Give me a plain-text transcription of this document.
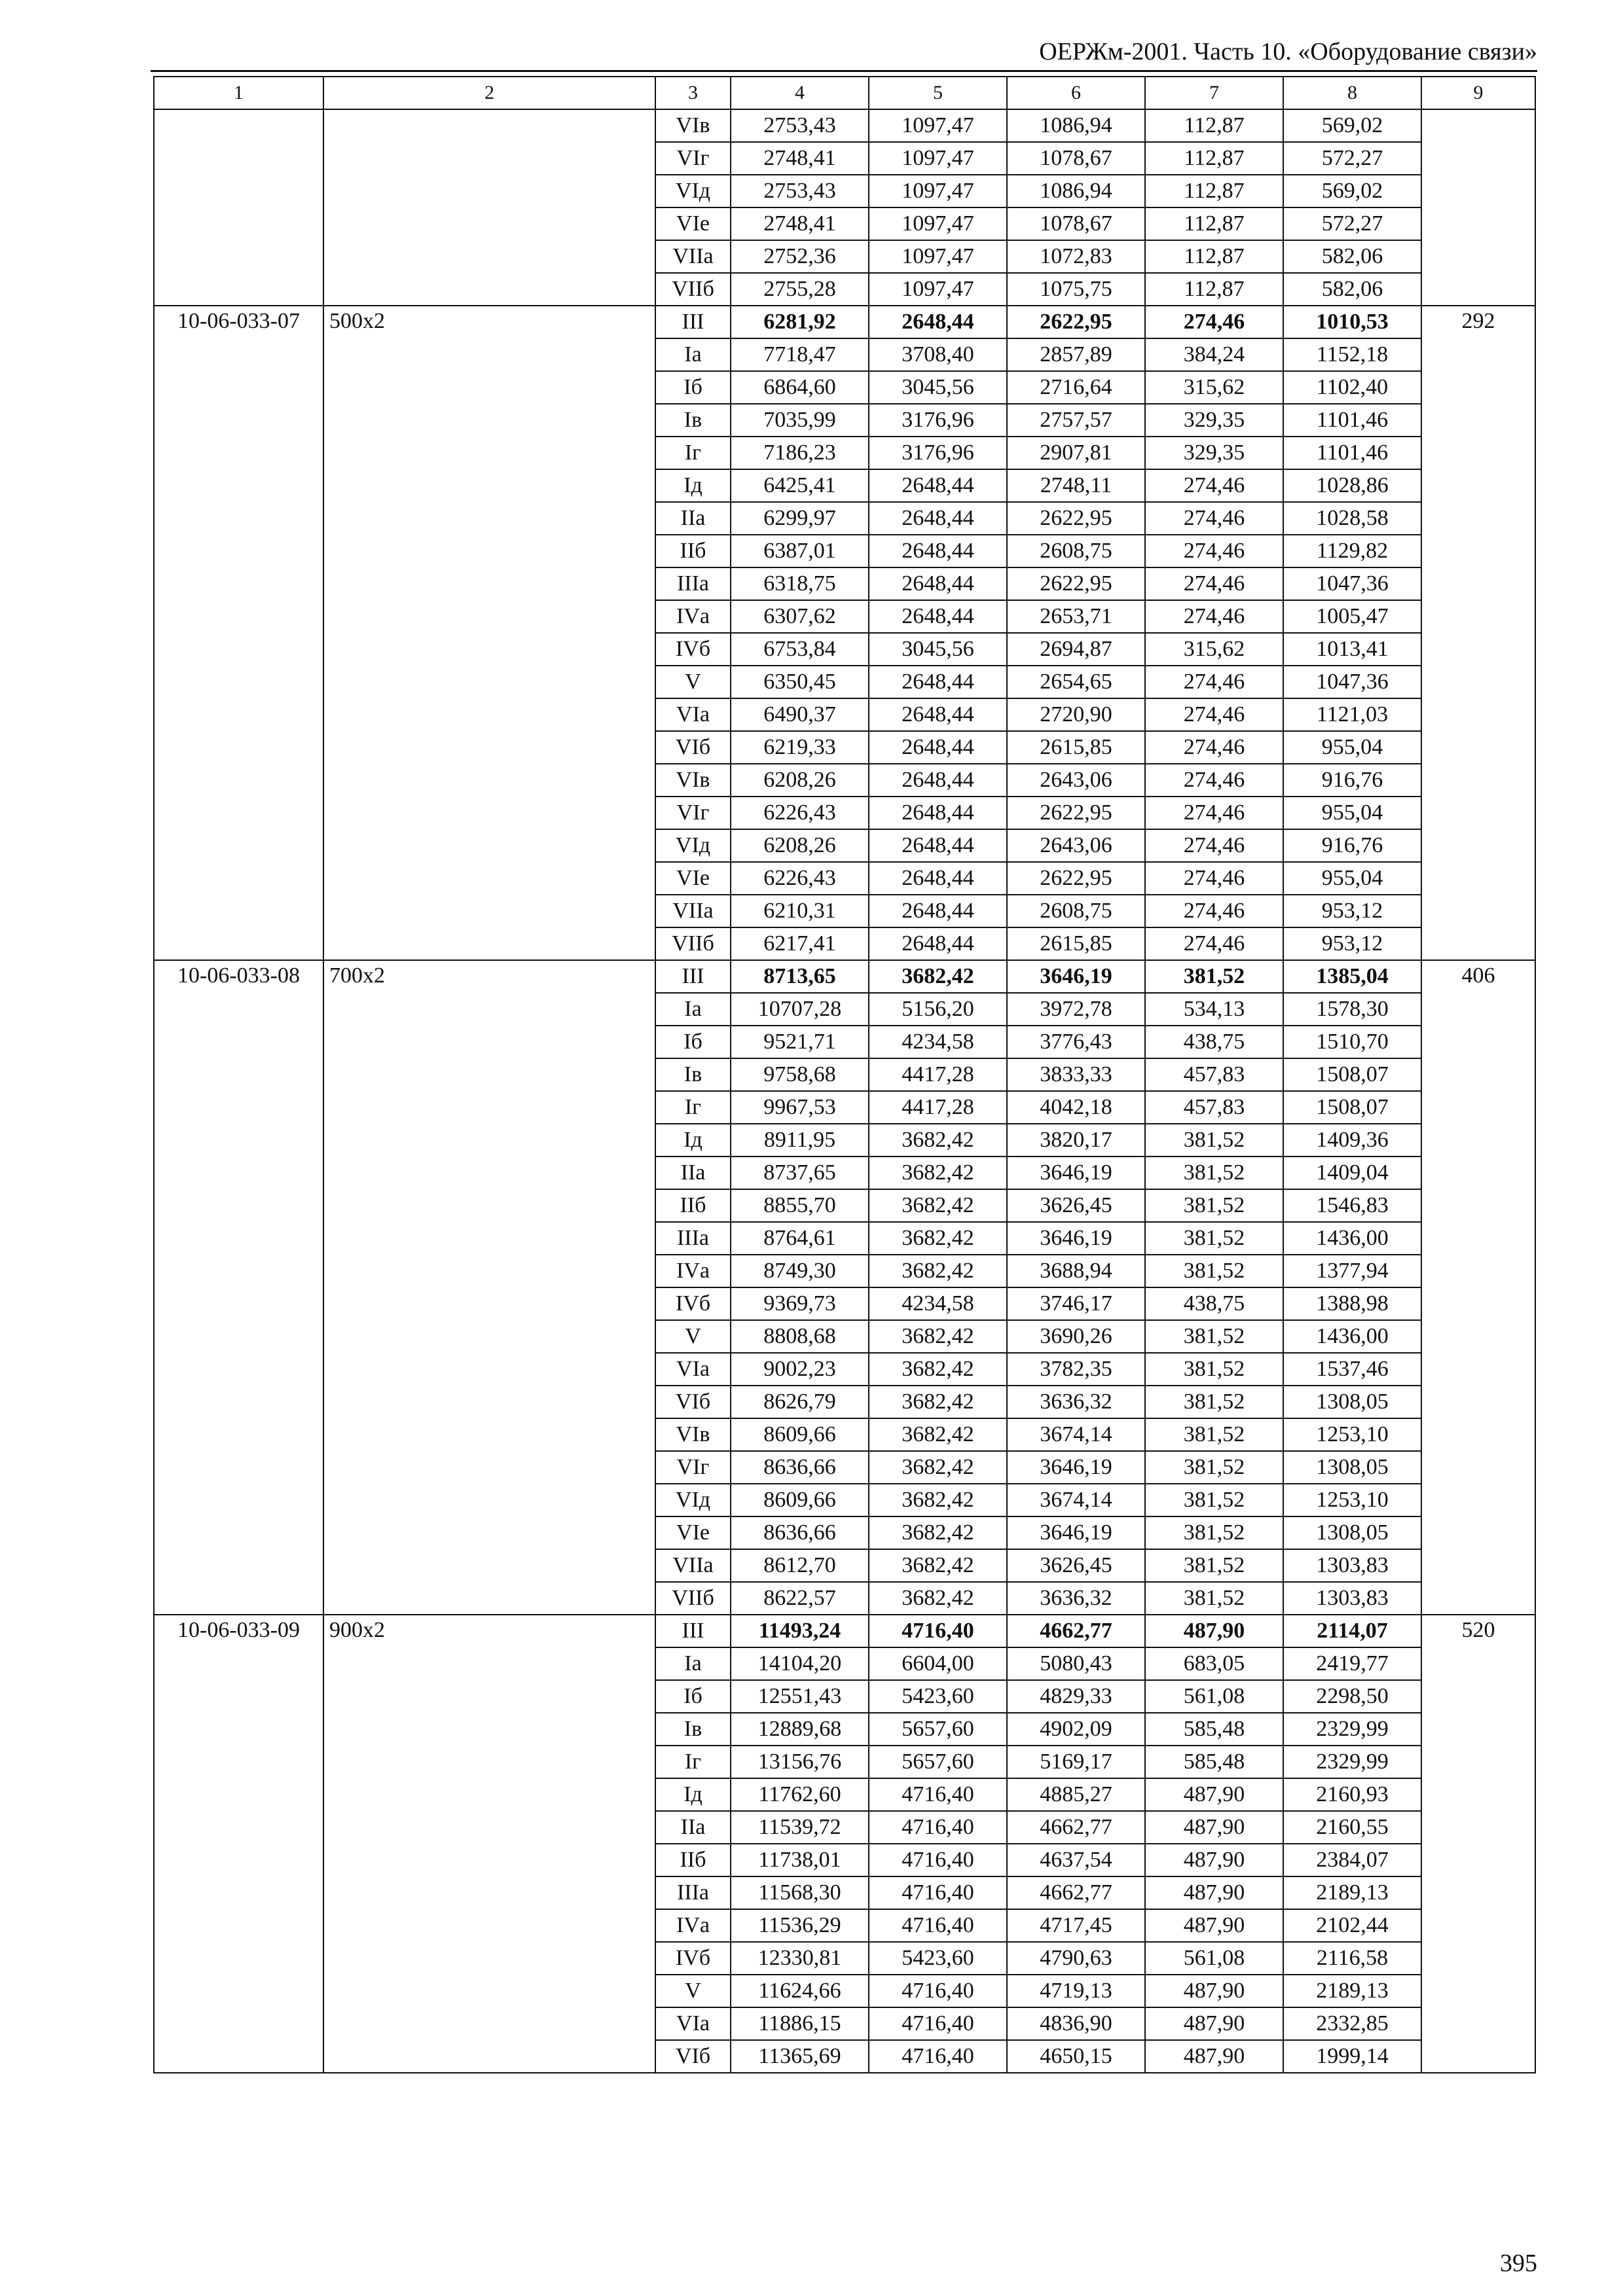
ОЕРЖм-2001. Часть 10. «Оборудование связи»
1	2	3	4	5	6	7	8	9
		VIв	2753,43	1097,47	1086,94	112,87	569,02	
		VIг	2748,41	1097,47	1078,67	112,87	572,27	
		VIд	2753,43	1097,47	1086,94	112,87	569,02	
		VIе	2748,41	1097,47	1078,67	112,87	572,27	
		VIIа	2752,36	1097,47	1072,83	112,87	582,06	
		VIIб	2755,28	1097,47	1075,75	112,87	582,06	
10-06-033-07	500х2	III	6281,92	2648,44	2622,95	274,46	1010,53	292
		Iа	7718,47	3708,40	2857,89	384,24	1152,18	
		Iб	6864,60	3045,56	2716,64	315,62	1102,40	
		Iв	7035,99	3176,96	2757,57	329,35	1101,46	
		Iг	7186,23	3176,96	2907,81	329,35	1101,46	
		Iд	6425,41	2648,44	2748,11	274,46	1028,86	
		IIа	6299,97	2648,44	2622,95	274,46	1028,58	
		IIб	6387,01	2648,44	2608,75	274,46	1129,82	
		IIIа	6318,75	2648,44	2622,95	274,46	1047,36	
		IVа	6307,62	2648,44	2653,71	274,46	1005,47	
		IVб	6753,84	3045,56	2694,87	315,62	1013,41	
		V	6350,45	2648,44	2654,65	274,46	1047,36	
		VIа	6490,37	2648,44	2720,90	274,46	1121,03	
		VIб	6219,33	2648,44	2615,85	274,46	955,04	
		VIв	6208,26	2648,44	2643,06	274,46	916,76	
		VIг	6226,43	2648,44	2622,95	274,46	955,04	
		VIд	6208,26	2648,44	2643,06	274,46	916,76	
		VIе	6226,43	2648,44	2622,95	274,46	955,04	
		VIIа	6210,31	2648,44	2608,75	274,46	953,12	
		VIIб	6217,41	2648,44	2615,85	274,46	953,12	
10-06-033-08	700х2	III	8713,65	3682,42	3646,19	381,52	1385,04	406
		Iа	10707,28	5156,20	3972,78	534,13	1578,30	
		Iб	9521,71	4234,58	3776,43	438,75	1510,70	
		Iв	9758,68	4417,28	3833,33	457,83	1508,07	
		Iг	9967,53	4417,28	4042,18	457,83	1508,07	
		Iд	8911,95	3682,42	3820,17	381,52	1409,36	
		IIа	8737,65	3682,42	3646,19	381,52	1409,04	
		IIб	8855,70	3682,42	3626,45	381,52	1546,83	
		IIIа	8764,61	3682,42	3646,19	381,52	1436,00	
		IVа	8749,30	3682,42	3688,94	381,52	1377,94	
		IVб	9369,73	4234,58	3746,17	438,75	1388,98	
		V	8808,68	3682,42	3690,26	381,52	1436,00	
		VIа	9002,23	3682,42	3782,35	381,52	1537,46	
		VIб	8626,79	3682,42	3636,32	381,52	1308,05	
		VIв	8609,66	3682,42	3674,14	381,52	1253,10	
		VIг	8636,66	3682,42	3646,19	381,52	1308,05	
		VIд	8609,66	3682,42	3674,14	381,52	1253,10	
		VIе	8636,66	3682,42	3646,19	381,52	1308,05	
		VIIа	8612,70	3682,42	3626,45	381,52	1303,83	
		VIIб	8622,57	3682,42	3636,32	381,52	1303,83	
10-06-033-09	900х2	III	11493,24	4716,40	4662,77	487,90	2114,07	520
		Iа	14104,20	6604,00	5080,43	683,05	2419,77	
		Iб	12551,43	5423,60	4829,33	561,08	2298,50	
		Iв	12889,68	5657,60	4902,09	585,48	2329,99	
		Iг	13156,76	5657,60	5169,17	585,48	2329,99	
		Iд	11762,60	4716,40	4885,27	487,90	2160,93	
		IIа	11539,72	4716,40	4662,77	487,90	2160,55	
		IIб	11738,01	4716,40	4637,54	487,90	2384,07	
		IIIа	11568,30	4716,40	4662,77	487,90	2189,13	
		IVа	11536,29	4716,40	4717,45	487,90	2102,44	
		IVб	12330,81	5423,60	4790,63	561,08	2116,58	
		V	11624,66	4716,40	4719,13	487,90	2189,13	
		VIа	11886,15	4716,40	4836,90	487,90	2332,85	
		VIб	11365,69	4716,40	4650,15	487,90	1999,14	
395
